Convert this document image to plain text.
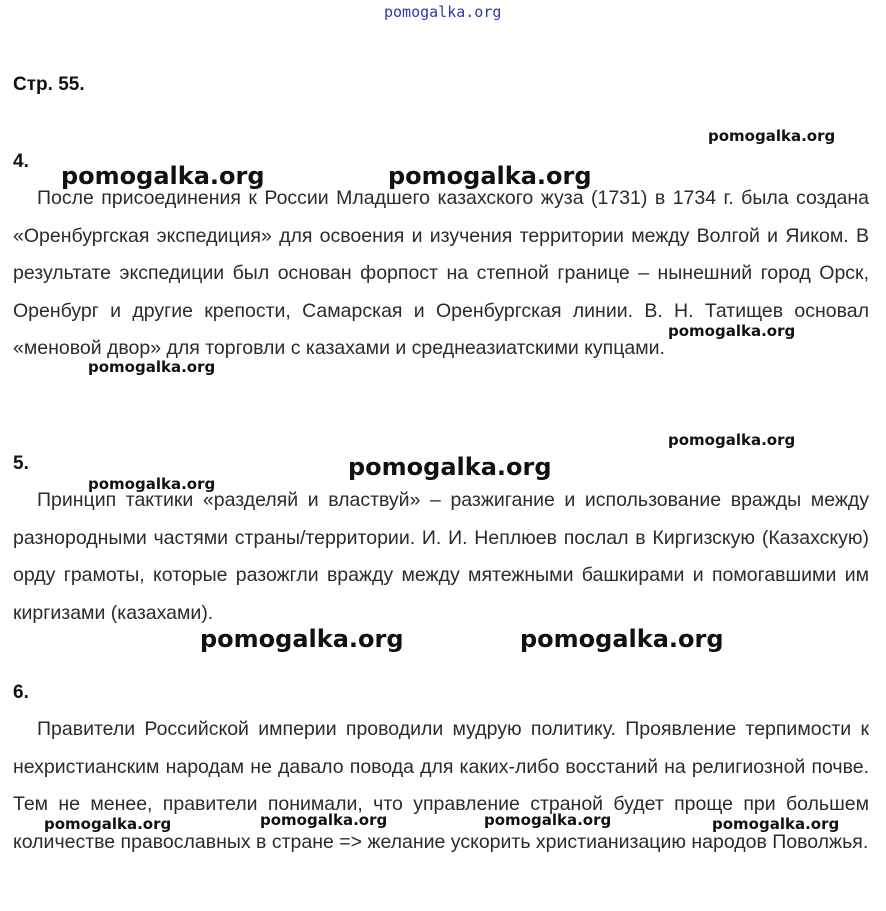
pomogalka.org
Стр. 55.
4.

После присоединения к России Младшего казахского жуза (1731) в 1734 г. была создана «Оренбургская экспедиция» для освоения и изучения территории между Волгой и Яиком. В результате экспедиции был основан форпост на степной границе – нынешний город Орск, Оренбург и другие крепости, Самарская и Оренбургская линии. В. Н. Татищев основал «меновой двор» для торговли с казахами и среднеазиатскими купцами.

5.

Принцип тактики «разделяй и властвуй» – разжигание и использование вражды между разнородными частями страны/территории. И. И. Неплюев послал в Киргизскую (Казахскую) орду грамоты, которые разожгли вражду между мятежными башкирами и помогавшими им киргизами (казахами).

6.

Правители Российской империи проводили мудрую политику. Проявление терпимости к нехристианским народам не давало повода для каких-либо восстаний на религиозной почве. Тем не менее, правители понимали, что управление страной будет проще при большем количестве православных в стране => желание ускорить христианизацию народов Поволжья.

pomogalka.org
pomogalka.org	pomogalka.org
pomogalka.org
pomogalka.org
pomogalka.org
pomogalka.org
pomogalka.org
pomogalka.org	pomogalka.org
pomogalka.org	pomogalka.org	pomogalka.org	pomogalka.org
